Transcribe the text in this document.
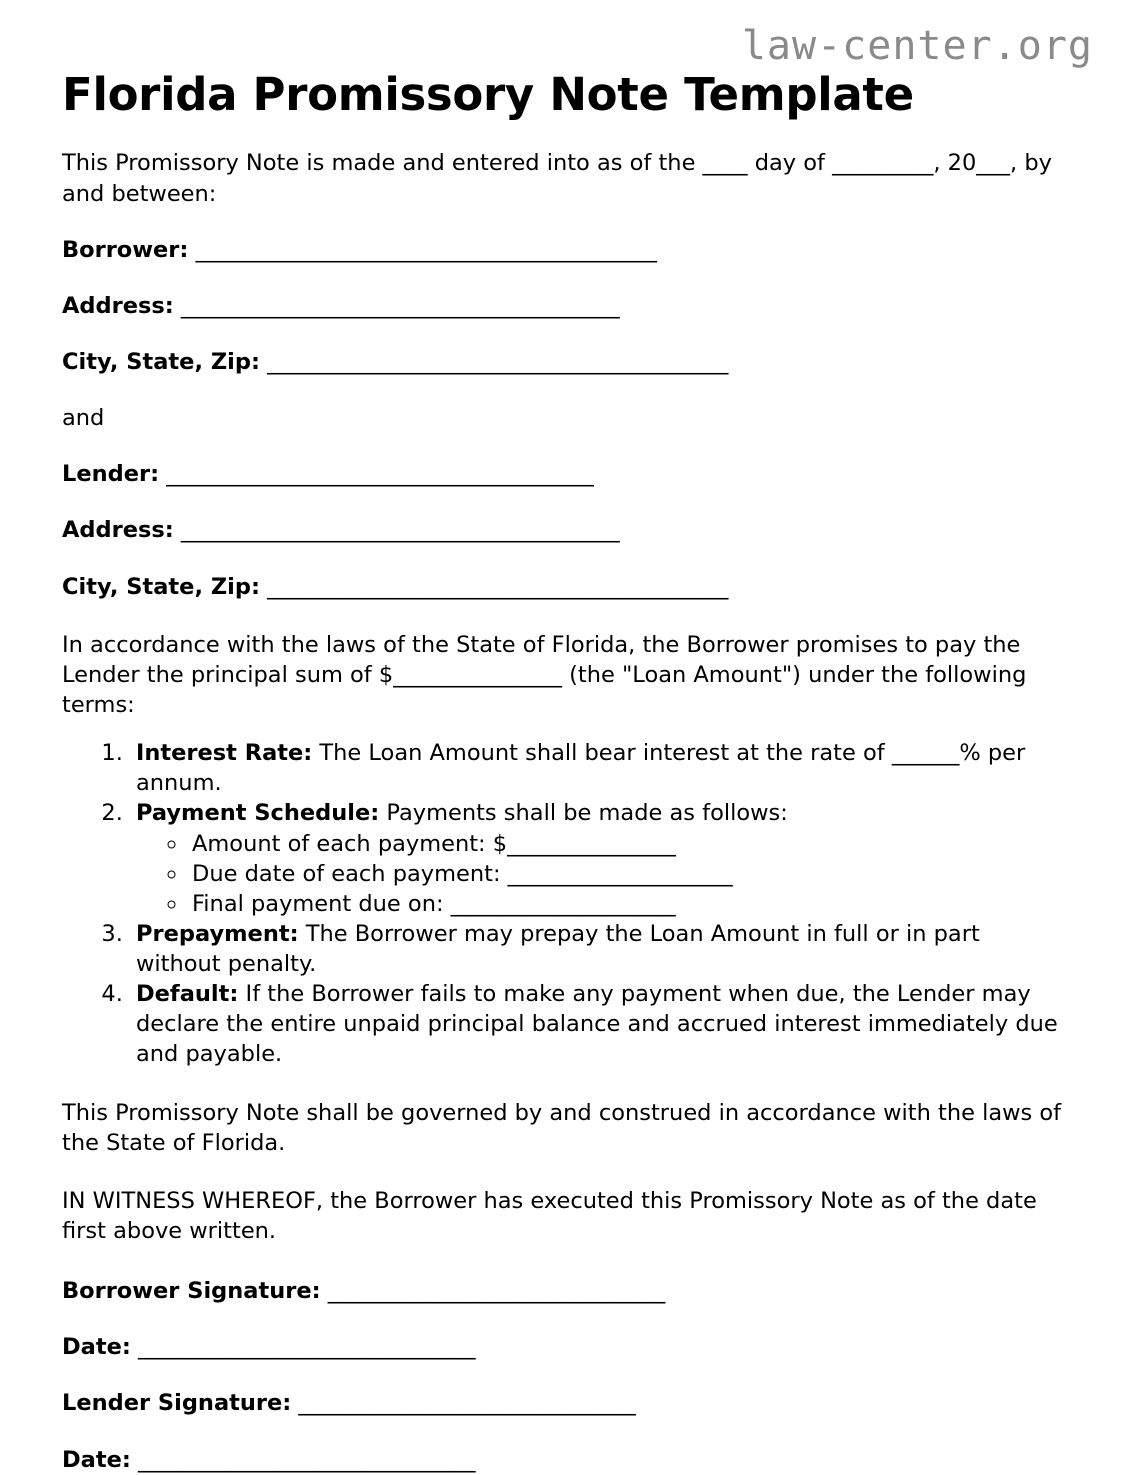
law-center.org
Florida Promissory Note Template

This Promissory Note is made and entered into as of the ____ day of _________, 20___, by and between:

Borrower: _________________________________________
Address: _______________________________________
City, State, Zip: _________________________________________
and
Lender: ______________________________________
Address: _______________________________________
City, State, Zip: _________________________________________

In accordance with the laws of the State of Florida, the Borrower promises to pay the Lender the principal sum of $_______________ (the "Loan Amount") under the following terms:

1. Interest Rate: The Loan Amount shall bear interest at the rate of ______% per annum.
2. Payment Schedule: Payments shall be made as follows:
◦ Amount of each payment: $_______________
◦ Due date of each payment: ____________________
◦ Final payment due on: ____________________
3. Prepayment: The Borrower may prepay the Loan Amount in full or in part without penalty.
4. Default: If the Borrower fails to make any payment when due, the Lender may declare the entire unpaid principal balance and accrued interest immediately due and payable.

This Promissory Note shall be governed by and construed in accordance with the laws of the State of Florida.

IN WITNESS WHEREOF, the Borrower has executed this Promissory Note as of the date first above written.

Borrower Signature: ______________________________
Date: ______________________________
Lender Signature: ______________________________
Date: ______________________________
